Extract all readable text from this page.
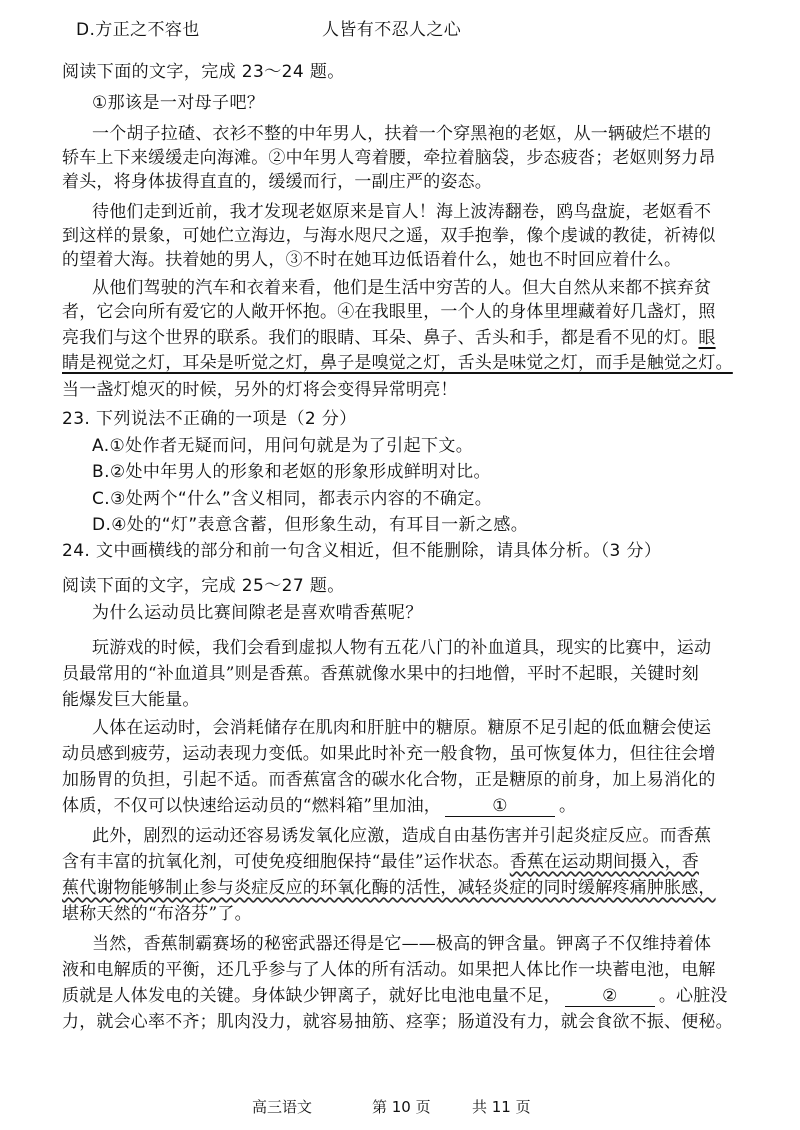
D.方正之不容也	人皆有不忍人之心
阅读下面的文字，完成 23～24 题。
①那该是一对母子吧？
一个胡子拉碴、衣衫不整的中年男人，扶着一个穿黑袍的老妪，从一辆破烂不堪的
轿车上下来缓缓走向海滩。②中年男人弯着腰，牵拉着脑袋，步态疲沓；老妪则努力昂
着头，将身体拔得直直的，缓缓而行，一副庄严的姿态。
待他们走到近前，我才发现老妪原来是盲人！海上波涛翻卷，鸥鸟盘旋，老妪看不
到这样的景象，可她伫立海边，与海水咫尺之遥，双手抱拳，像个虔诚的教徒，祈祷似
的望着大海。扶着她的男人，③不时在她耳边低语着什么，她也不时回应着什么。
从他们驾驶的汽车和衣着来看，他们是生活中穷苦的人。但大自然从来都不摈弃贫
者，它会向所有爱它的人敞开怀抱。④在我眼里，一个人的身体里埋藏着好几盏灯，照
亮我们与这个世界的联系。我们的眼睛、耳朵、鼻子、舌头和手，都是看不见的灯。眼
睛是视觉之灯，耳朵是听觉之灯，鼻子是嗅觉之灯，舌头是味觉之灯，而手是触觉之灯。
当一盏灯熄灭的时候，另外的灯将会变得异常明亮！
23. 下列说法不正确的一项是（2 分）
A.①处作者无疑而问，用问句就是为了引起下文。
B.②处中年男人的形象和老妪的形象形成鲜明对比。
C.③处两个“什么”含义相同，都表示内容的不确定。
D.④处的“灯”表意含蓄，但形象生动，有耳目一新之感。
24. 文中画横线的部分和前一句含义相近，但不能删除，请具体分析。（3 分）
阅读下面的文字，完成 25～27 题。
为什么运动员比赛间隙老是喜欢啃香蕉呢？
玩游戏的时候，我们会看到虚拟人物有五花八门的补血道具，现实的比赛中，运动
员最常用的“补血道具”则是香蕉。香蕉就像水果中的扫地僧，平时不起眼，关键时刻
能爆发巨大能量。
人体在运动时，会消耗储存在肌肉和肝脏中的糖原。糖原不足引起的低血糖会使运
动员感到疲劳，运动表现力变低。如果此时补充一般食物，虽可恢复体力，但往往会增
加肠胃的负担，引起不适。而香蕉富含的碳水化合物，正是糖原的前身，加上易消化的
体质，不仅可以快速给运动员的“燃料箱”里加油，	①	。
此外，剧烈的运动还容易诱发氧化应激，造成自由基伤害并引起炎症反应。而香蕉
含有丰富的抗氧化剂，可使免疫细胞保持“最佳”运作状态。香蕉在运动期间摄入，香
蕉代谢物能够制止参与炎症反应的环氧化酶的活性，减轻炎症的同时缓解疼痛肿胀感，
堪称天然的“布洛芬”了。
当然，香蕉制霸赛场的秘密武器还得是它——极高的钾含量。钾离子不仅维持着体
液和电解质的平衡，还几乎参与了人体的所有活动。如果把人体比作一块蓄电池，电解
质就是人体发电的关键。身体缺少钾离子，就好比电池电量不足， ② 。心脏没
力，就会心率不齐；肌肉没力，就容易抽筋、痉挛；肠道没有力，就会食欲不振、便秘。
高三语文	第 10 页	共 11 页
